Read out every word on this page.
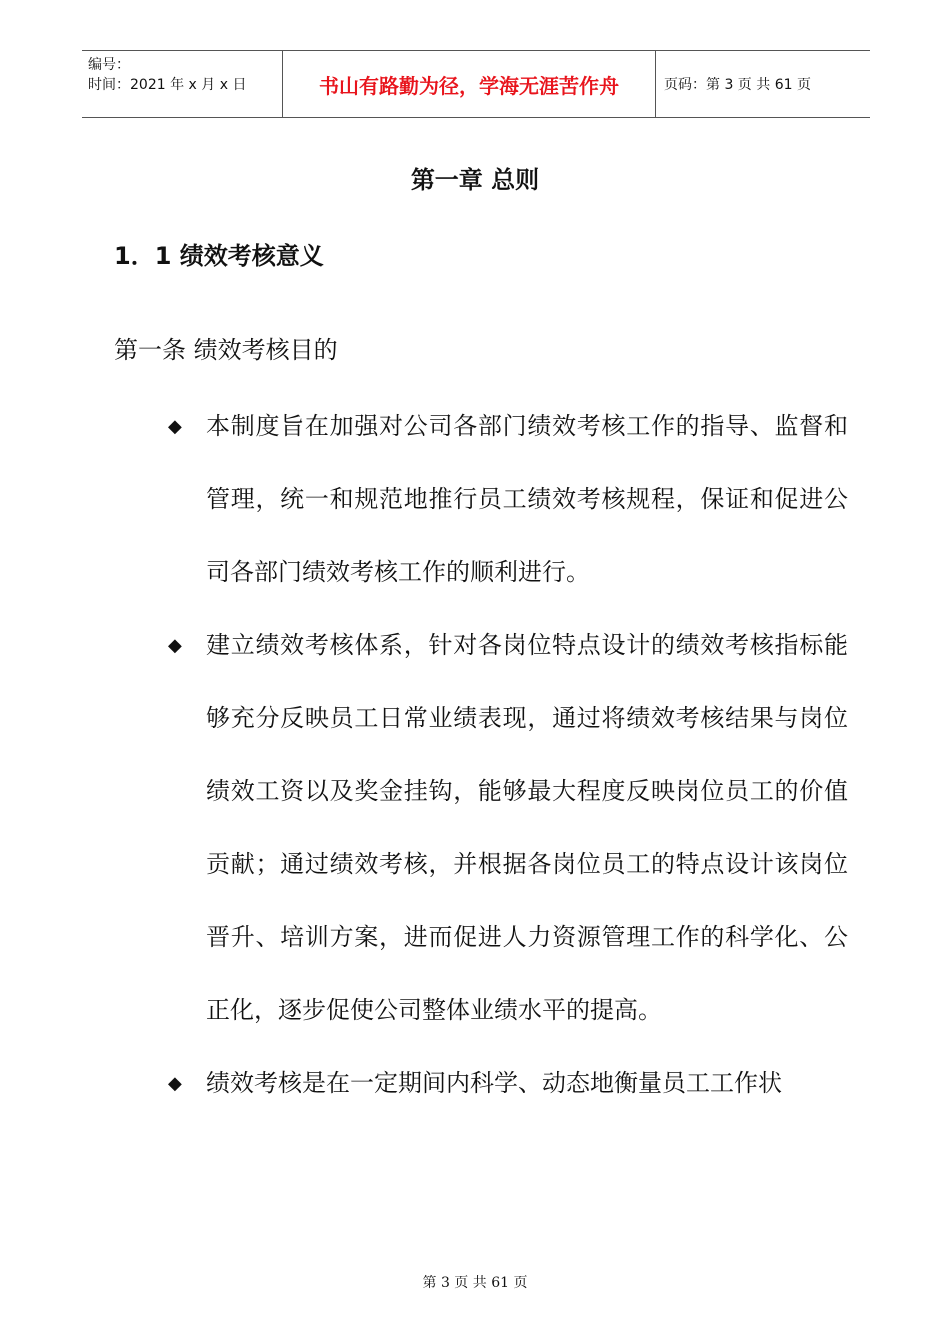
编号：
时间：2021 年 x 月 x 日	书山有路勤为径，学海无涯苦作舟	页码：第 3 页 共 61 页
第一章 总则
1．1 绩效考核意义
第一条 绩效考核目的
◆ 本制度旨在加强对公司各部门绩效考核工作的指导、监督和管理，统一和规范地推行员工绩效考核规程，保证和促进公司各部门绩效考核工作的顺利进行。
◆ 建立绩效考核体系，针对各岗位特点设计的绩效考核指标能够充分反映员工日常业绩表现，通过将绩效考核结果与岗位绩效工资以及奖金挂钩，能够最大程度反映岗位员工的价值贡献；通过绩效考核，并根据各岗位员工的特点设计该岗位晋升、培训方案，进而促进人力资源管理工作的科学化、公正化，逐步促使公司整体业绩水平的提高。
◆ 绩效考核是在一定期间内科学、动态地衡量员工工作状
第 3 页 共 61 页
